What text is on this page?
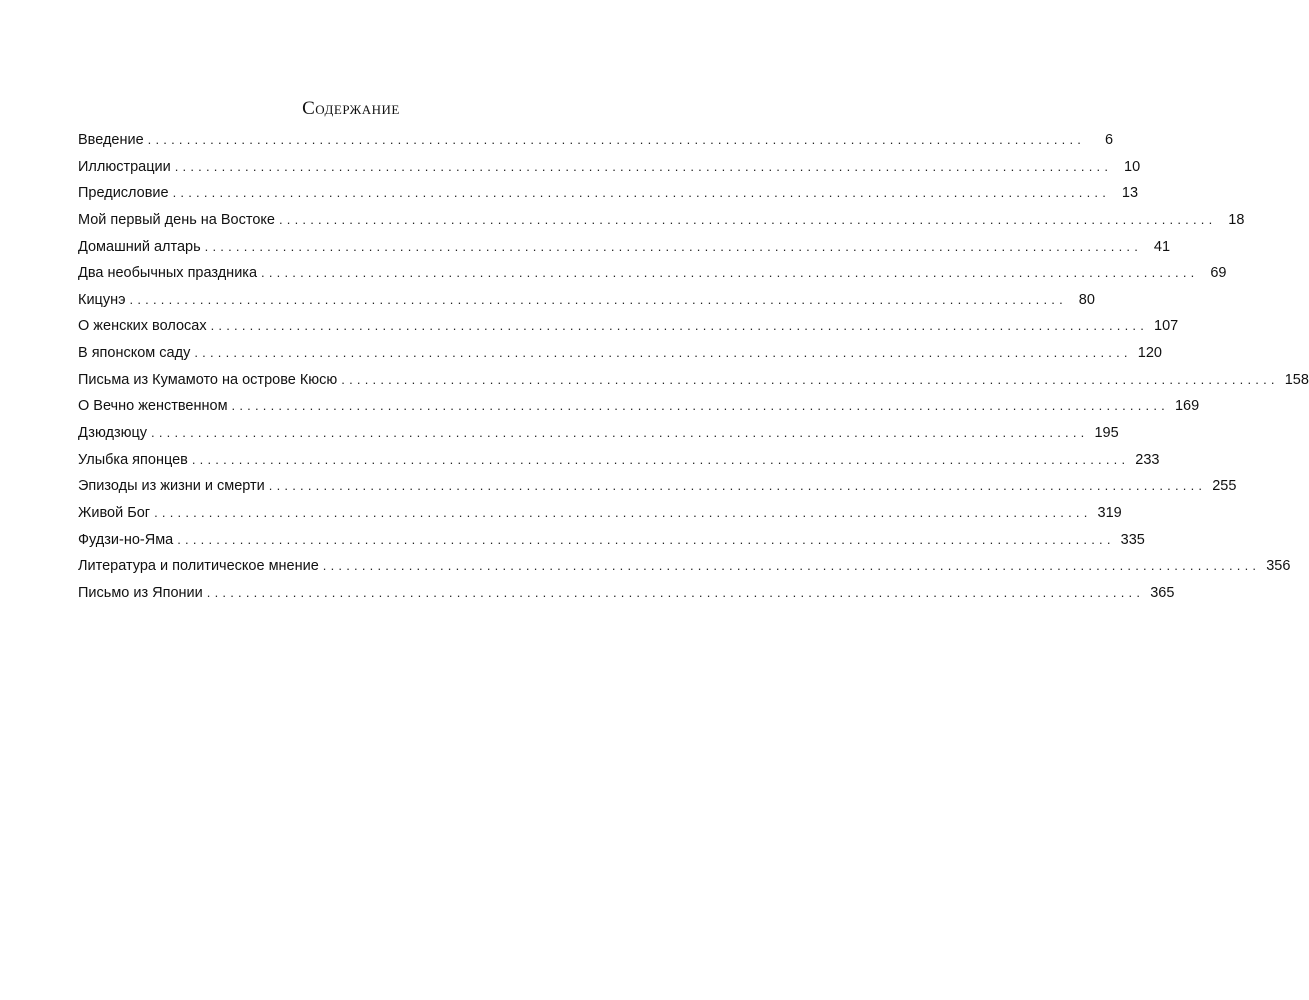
Содержание
Введение ........................................................................................................................	6
Иллюстрации ........................................................................................................................ 10
Предисловие ........................................................................................................................ 13
Мой первый день на Востоке ........................................................................................................................ 18
Домашний алтарь ........................................................................................................................ 41
Два необычных праздника ........................................................................................................................ 69
Кицунэ ........................................................................................................................ 80
О женских волосах ........................................................................................................................ 107
В японском саду ........................................................................................................................ 120
Письма из Кумамото на острове Кюсю ........................................................................................................................ 158
О Вечно женственном ........................................................................................................................ 169
Дзюдзюцу ........................................................................................................................ 195
Улыбка японцев ........................................................................................................................ 233
Эпизоды из жизни и смерти ........................................................................................................................ 255
Живой Бог ........................................................................................................................ 319
Фудзи-но-Яма ........................................................................................................................ 335
Литература и политическое мнение ........................................................................................................................ 356
Письмо из Японии ........................................................................................................................ 365
